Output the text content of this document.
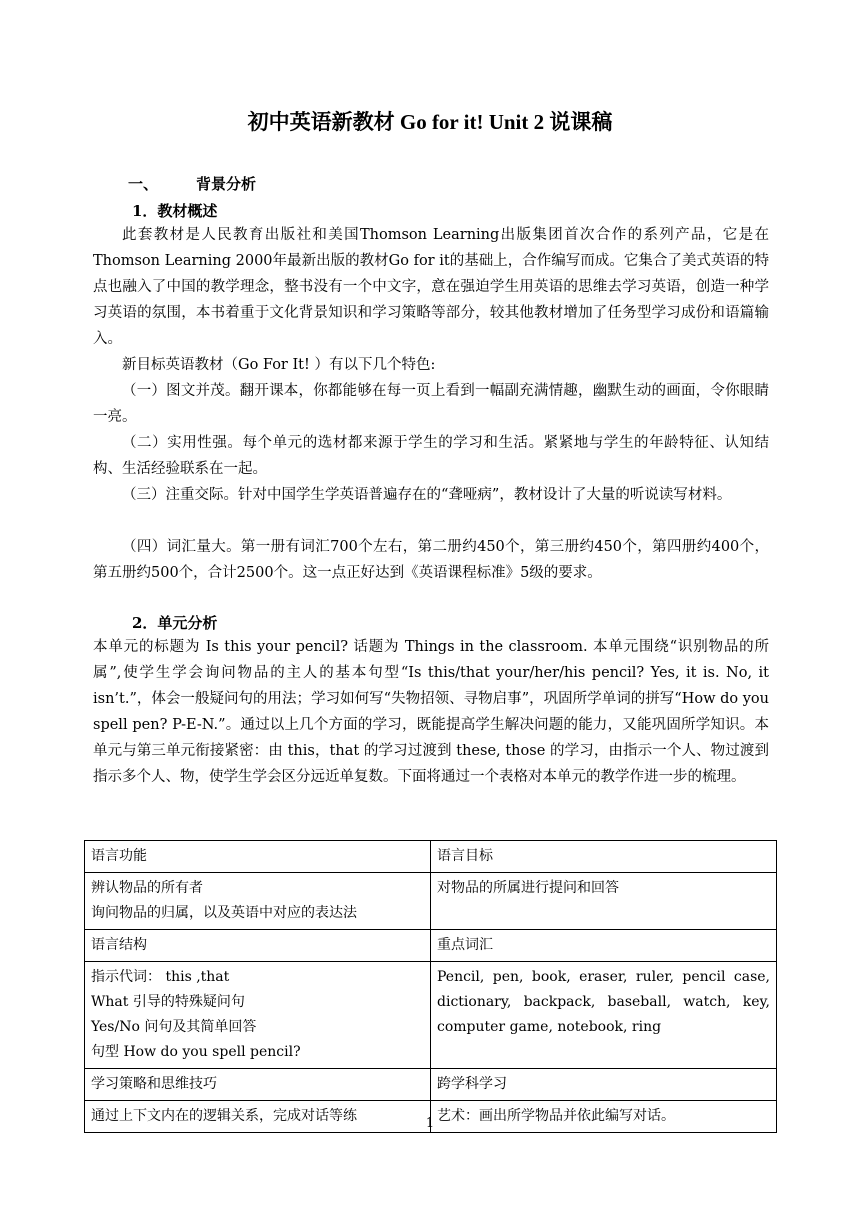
初中英语新教材 Go for it! Unit 2 说课稿
一、	背景分析
1．教材概述
此套教材是人民教育出版社和美国Thomson Learning出版集团首次合作的系列产品，它是在Thomson Learning 2000年最新出版的教材Go for it的基础上，合作编写而成。它集合了美式英语的特点也融入了中国的教学理念，整书没有一个中文字，意在强迫学生用英语的思维去学习英语，创造一种学习英语的氛围，本书着重于文化背景知识和学习策略等部分，较其他教材增加了任务型学习成份和语篇输入。
新目标英语教材（Go For It! ）有以下几个特色:
（一）图文并茂。翻开课本，你都能够在每一页上看到一幅副充满情趣，幽默生动的画面，令你眼睛一亮。
（二）实用性强。每个单元的选材都来源于学生的学习和生活。紧紧地与学生的年龄特征、认知结构、生活经验联系在一起。
（三）注重交际。针对中国学生学英语普遍存在的“聋哑病”，教材设计了大量的听说读写材料。
（四）词汇量大。第一册有词汇700个左右，第二册约450个，第三册约450个，第四册约400个， 第五册约500个，合计2500个。这一点正好达到《英语课程标准》5级的要求。
2．单元分析
本单元的标题为 Is this your pencil? 话题为 Things in the classroom. 本单元围绕“识别物品的所属”,使学生学会询问物品的主人的基本句型“Is this/that your/her/his pencil? Yes, it is. No, it isn’t.”，体会一般疑问句的用法；学习如何写“失物招领、寻物启事”，巩固所学单词的拼写“How do you spell pen? P-E-N.”。通过以上几个方面的学习，既能提高学生解决问题的能力，又能巩固所学知识。本单元与第三单元衔接紧密：由 this，that 的学习过渡到 these, those 的学习，由指示一个人、物过渡到指示多个人、物，使学生学会区分远近单复数。下面将通过一个表格对本单元的教学作进一步的梳理。
语言功能	语言目标

辨认物品的所有者
询问物品的归属，以及英语中对应的表达法	对物品的所属进行提问和回答
语言结构	重点词汇

指示代词： this ,that
What 引导的特殊疑问句
Yes/No 问句及其简单回答
句型 How do you spell pencil?	Pencil, pen, book, eraser, ruler, pencil case, dictionary, backpack, baseball, watch, key, computer game, notebook, ring
学习策略和思维技巧	跨学科学习
通过上下文内在的逻辑关系，完成对话等练	艺术：画出所学物品并依此编写对话。
1
